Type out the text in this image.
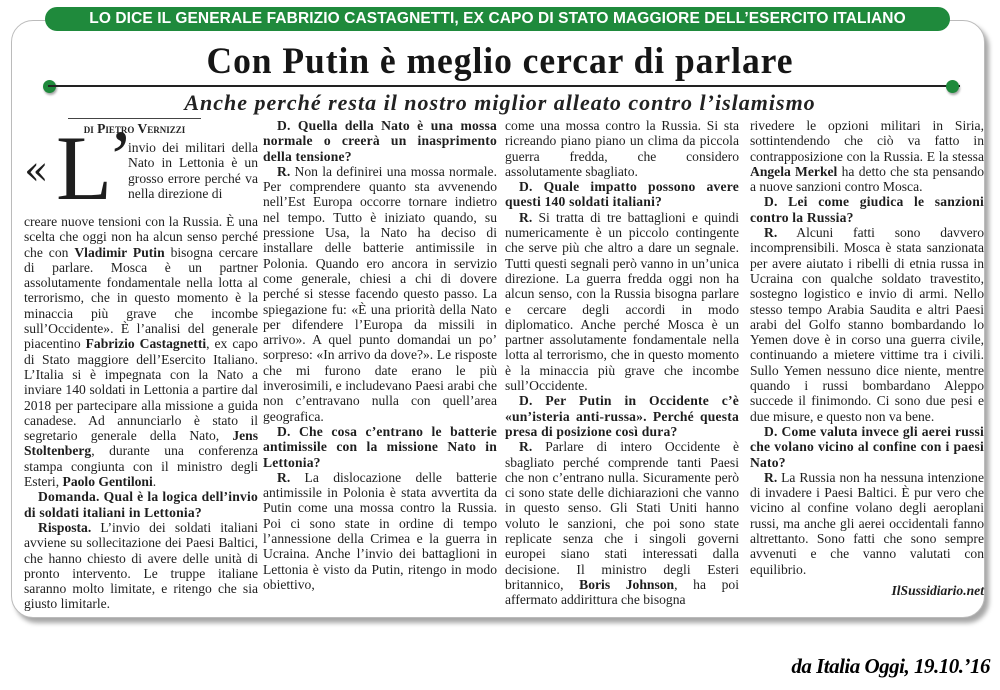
LO DICE IL GENERALE FABRIZIO CASTAGNETTI, EX CAPO DI STATO MAGGIORE DELL’ESERCITO ITALIANO
Con Putin è meglio cercar di parlare
Anche perché resta il nostro miglior alleato contro l’islamismo
di Pietro Vernizzi
« L
’
invio dei militari della Nato in Lettonia è un grosso errore perché va nella direzione di

creare nuove tensioni con la Russia. È una scelta che oggi non ha alcun senso perché che con Vladimir Putin bisogna cercare di parlare. Mosca è un partner assolutamente fondamentale nella lotta al terrorismo, che in questo momento è la minaccia più grave che incombe sull’Occidente». È l’analisi del generale piacentino Fabrizio Castagnetti, ex capo di Stato maggiore dell’Esercito Italiano. L’Italia si è impegnata con la Nato a inviare 140 soldati in Lettonia a partire dal 2018 per partecipare alla missione a guida canadese. Ad annunciarlo è stato il segretario generale della Nato, Jens Stoltenberg, durante una conferenza stampa congiunta con il ministro degli Esteri, Paolo Gentiloni.

Domanda. Qual è la logica dell’invio di soldati italiani in Lettonia?

Risposta. L’invio dei soldati italiani avviene su sollecitazione dei Paesi Baltici, che hanno chiesto di avere delle unità di pronto intervento. Le truppe italiane saranno molto limitate, e ritengo che sia giusto limitarle.

D. Quella della Nato è una mossa normale o creerà un inasprimento della tensione?

R. Non la definirei una mossa normale. Per comprendere quanto sta avvenendo nell’Est Europa occorre tornare indietro nel tempo. Tutto è iniziato quando, su pressione Usa, la Nato ha deciso di installare delle batterie antimissile in Polonia. Quando ero ancora in servizio come generale, chiesi a chi di dovere perché si stesse facendo questo passo. La spiegazione fu: «È una priorità della Nato per difendere l’Europa da missili in arrivo». A quel punto domandai un po’ sorpreso: «In arrivo da dove?». Le risposte che mi furono date erano le più inverosimili, e includevano Paesi arabi che non c’entravano nulla con quell’area geografica.

D. Che cosa c’entrano le batterie antimissile con la missione Nato in Lettonia?

R. La dislocazione delle batterie antimissile in Polonia è stata avvertita da Putin come una mossa contro la Russia. Poi ci sono state in ordine di tempo l’annessione della Crimea e la guerra in Ucraina. Anche l’invio dei battaglioni in Lettonia è visto da Putin, ritengo in modo obiettivo,

come una mossa contro la Russia. Si sta ricreando piano piano un clima da piccola guerra fredda, che considero assolutamente sbagliato.

D. Quale impatto possono avere questi 140 soldati italiani?

R. Si tratta di tre battaglioni e quindi numericamente è un piccolo contingente che serve più che altro a dare un segnale. Tutti questi segnali però vanno in un’unica direzione. La guerra fredda oggi non ha alcun senso, con la Russia bisogna parlare e cercare degli accordi in modo diplomatico. Anche perché Mosca è un partner assolutamente fondamentale nella lotta al terrorismo, che in questo momento è la minaccia più grave che incombe sull’Occidente.

D. Per Putin in Occidente c’è «un’isteria anti-russa». Perché questa presa di posizione così dura?

R. Parlare di intero Occidente è sbagliato perché comprende tanti Paesi che non c’entrano nulla. Sicuramente però ci sono state delle dichiarazioni che vanno in questo senso. Gli Stati Uniti hanno voluto le sanzioni, che poi sono state replicate senza che i singoli governi europei siano stati interessati dalla decisione. Il ministro degli Esteri britannico, Boris Johnson, ha poi affermato addirittura che bisogna

rivedere le opzioni militari in Siria, sottintendendo che ciò va fatto in contrapposizione con la Russia. E la stessa Angela Merkel ha detto che sta pensando a nuove sanzioni contro Mosca.

D. Lei come giudica le sanzioni contro la Russia?

R. Alcuni fatti sono davvero incomprensibili. Mosca è stata sanzionata per avere aiutato i ribelli di etnia russa in Ucraina con qualche soldato travestito, sostegno logistico e invio di armi. Nello stesso tempo Arabia Saudita e altri Paesi arabi del Golfo stanno bombardando lo Yemen dove è in corso una guerra civile, continuando a mietere vittime tra i civili. Sullo Yemen nessuno dice niente, mentre quando i russi bombardano Aleppo succede il finimondo. Ci sono due pesi e due misure, e questo non va bene.

D. Come valuta invece gli aerei russi che volano vicino al confine con i paesi Nato?

R. La Russia non ha nessuna intenzione di invadere i Paesi Baltici. È pur vero che vicino al confine volano degli aeroplani russi, ma anche gli aerei occidentali fanno altrettanto. Sono fatti che sono sempre avvenuti e che vanno valutati con equilibrio.

IlSussidiario.net

da Italia Oggi, 19.10.’16
